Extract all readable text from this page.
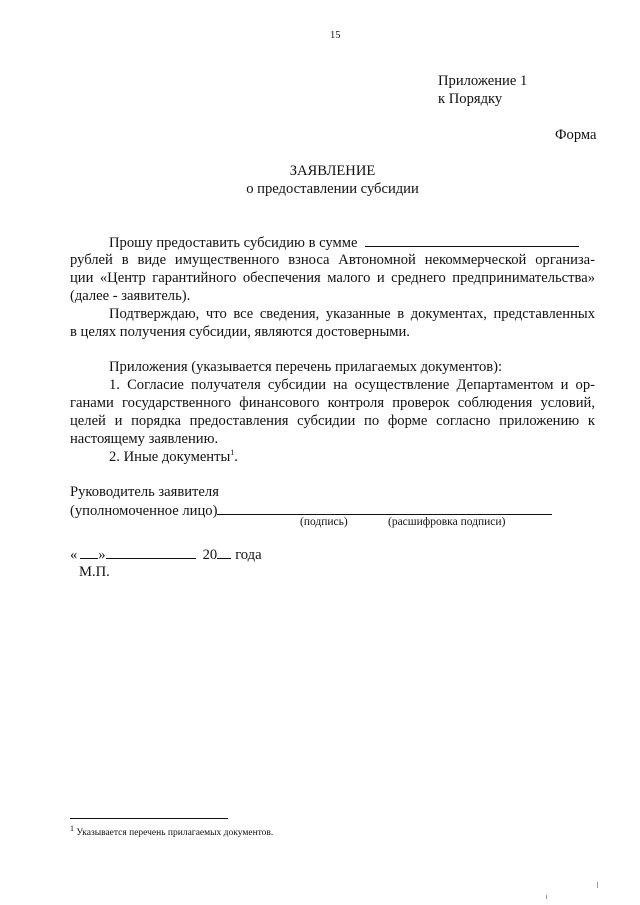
15
Приложение 1
к Порядку
Форма
ЗАЯВЛЕНИЕ
о предоставлении субсидии
Прошу предоставить субсидию в сумме
рублей в виде имущественного взноса Автономной некоммерческой организа-
ции «Центр гарантийного обеспечения малого и среднего предпринимательства»
(далее - заявитель).
Подтверждаю, что все сведения, указанные в документах, представленных
в целях получения субсидии, являются достоверными.
Приложения (указывается перечень прилагаемых документов):
1. Согласие получателя субсидии на осуществление Департаментом и ор-
ганами государственного финансового контроля проверок соблюдения условий,
целей и порядка предоставления субсидии по форме согласно приложению к
настоящему заявлению.
2. Иные документы$^1$.
Руководитель заявителя
(уполномоченное лицо)
(подпись)	(расшифровка подписи)
« »	20 года
М.П.
$^1$ Указывается перечень прилагаемых документов.
